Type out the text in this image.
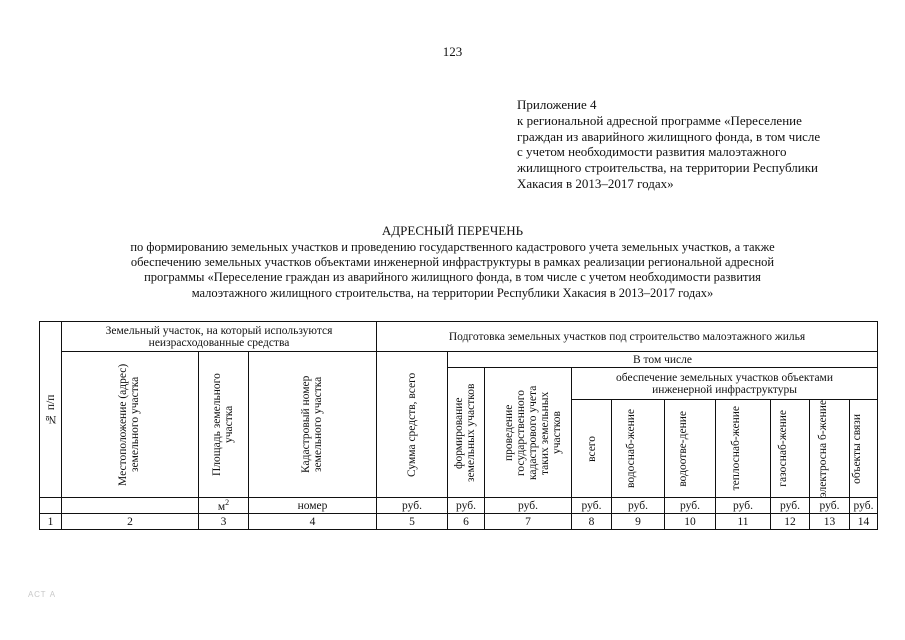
123
Приложение 4
к региональной адресной программе «Переселение
граждан из аварийного жилищного фонда, в том числе
с учетом необходимости развития малоэтажного
жилищного строительства, на территории Республики
Хакасия в 2013–2017 годах»
АДРЕСНЫЙ ПЕРЕЧЕНЬ
по формированию земельных участков и проведению государственного кадастрового учета земельных участков, а также
обеспечению земельных участков объектами инженерной инфраструктуры в рамках реализации региональной адресной
программы «Переселение граждан из аварийного жилищного фонда, в том числе с учетом необходимости развития
малоэтажного жилищного строительства, на территории Республики Хакасия в 2013–2017 годах»
№ п/п	Земельный участок, на который используются неизрасходованные средства			Подготовка земельных участков под строительство малоэтажного жилья									

	Местоположение (адрес) земельного участка	Площадь земельного участка	Кадастровый номер земельного участка	Сумма средств, всего	В том числе								

					формирование земельных участков	проведение государственного кадастрового учета таких земельных участков	обеспечение земельных участков объектами инженерной инфраструктуры						

							всего	водоснаб-жение	водоотве-дение	теплоснаб-жение	газоснаб-жение	электросна б-жение	объекты связи

		$м^2$	номер	руб.	руб.	руб.	руб.	руб.	руб.	руб.	руб.	руб.	руб.
1	2	3	4	5	6	7	8	9	10	11	12	13	14
АСТ А
